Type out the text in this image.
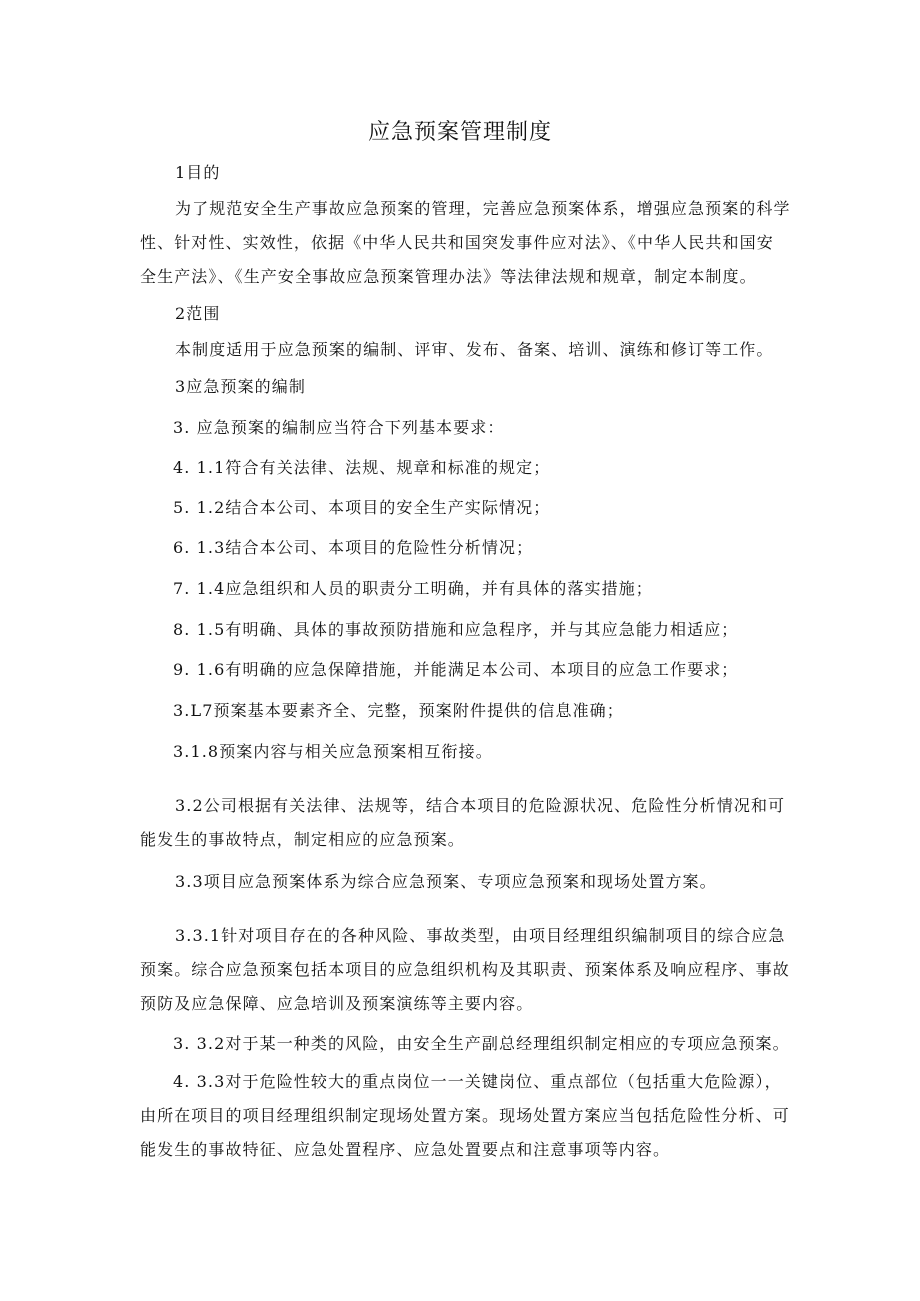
应急预案管理制度
1目的
为了规范安全生产事故应急预案的管理，完善应急预案体系，增强应急预案的科学
性、针对性、实效性，依据《中华人民共和国突发事件应对法》、《中华人民共和国安
全生产法》、《生产安全事故应急预案管理办法》等法律法规和规章，制定本制度。
2范围
本制度适用于应急预案的编制、评审、发布、备案、培训、演练和修订等工作。
3应急预案的编制
3. 应急预案的编制应当符合下列基本要求：
4. 1.1符合有关法律、法规、规章和标准的规定；
5. 1.2结合本公司、本项目的安全生产实际情况；
6. 1.3结合本公司、本项目的危险性分析情况；
7. 1.4应急组织和人员的职责分工明确，并有具体的落实措施；
8. 1.5有明确、具体的事故预防措施和应急程序，并与其应急能力相适应；
9. 1.6有明确的应急保障措施，并能满足本公司、本项目的应急工作要求；
3.L7预案基本要素齐全、完整，预案附件提供的信息准确；
3.1.8预案内容与相关应急预案相互衔接。
3.2公司根据有关法律、法规等，结合本项目的危险源状况、危险性分析情况和可
能发生的事故特点，制定相应的应急预案。
3.3项目应急预案体系为综合应急预案、专项应急预案和现场处置方案。
3.3.1针对项目存在的各种风险、事故类型，由项目经理组织编制项目的综合应急
预案。综合应急预案包括本项目的应急组织机构及其职责、预案体系及响应程序、事故
预防及应急保障、应急培训及预案演练等主要内容。
3. 3.2对于某一种类的风险，由安全生产副总经理组织制定相应的专项应急预案。
4. 3.3对于危险性较大的重点岗位一一关键岗位、重点部位（包括重大危险源），
由所在项目的项目经理组织制定现场处置方案。现场处置方案应当包括危险性分析、可
能发生的事故特征、应急处置程序、应急处置要点和注意事项等内容。
